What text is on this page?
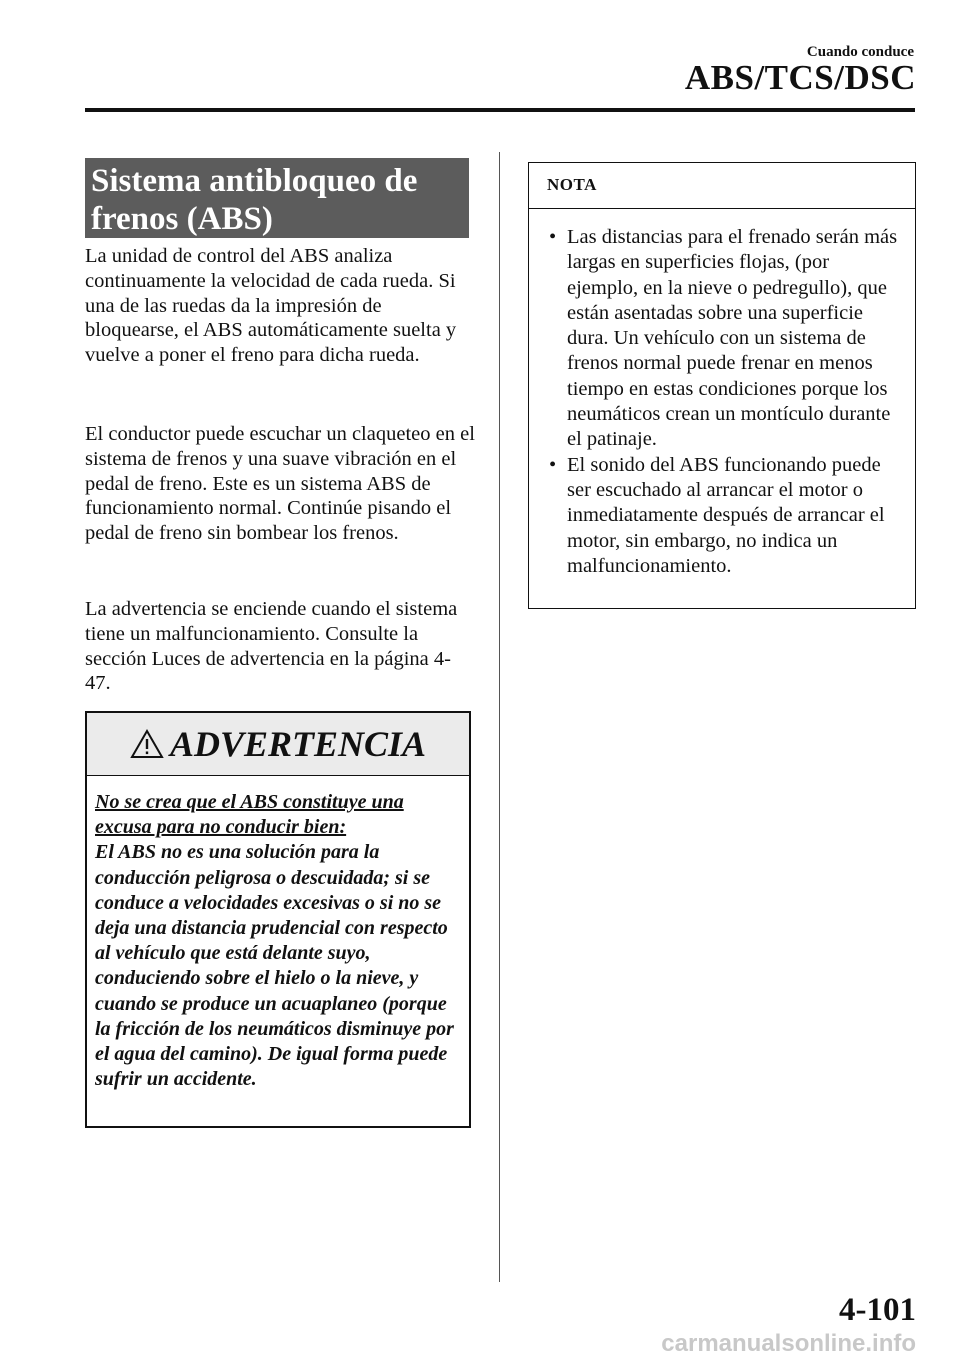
Cuando conduce
ABS/TCS/DSC
Sistema antibloqueo de
frenos (ABS)
La unidad de control del ABS analiza continuamente la velocidad de cada rueda. Si una de las ruedas da la impresión de bloquearse, el ABS automáticamente suelta y vuelve a poner el freno para dicha rueda.
El conductor puede escuchar un claqueteo en el sistema de frenos y una suave vibración en el pedal de freno. Este es un sistema ABS de funcionamiento normal. Continúe pisando el pedal de freno sin bombear los frenos.
La advertencia se enciende cuando el sistema tiene un malfuncionamiento. Consulte la sección Luces de advertencia en la página 4-47.
ADVERTENCIA
No se crea que el ABS constituye una excusa para no conducir bien:
El ABS no es una solución para la conducción peligrosa o descuidada; si se conduce a velocidades excesivas o si no se deja una distancia prudencial con respecto al vehículo que está delante suyo, conduciendo sobre el hielo o la nieve, y cuando se produce un acuaplaneo (porque la fricción de los neumáticos disminuye por el agua del camino). De igual forma puede sufrir un accidente.
NOTA
• Las distancias para el frenado serán más largas en superficies flojas, (por ejemplo, en la nieve o pedregullo), que están asentadas sobre una superficie dura. Un vehículo con un sistema de frenos normal puede frenar en menos tiempo en estas condiciones porque los neumáticos crean un montículo durante el patinaje.
• El sonido del ABS funcionando puede ser escuchado al arrancar el motor o inmediatamente después de arrancar el motor, sin embargo, no indica un malfuncionamiento.
4-101
carmanualsonline.info
